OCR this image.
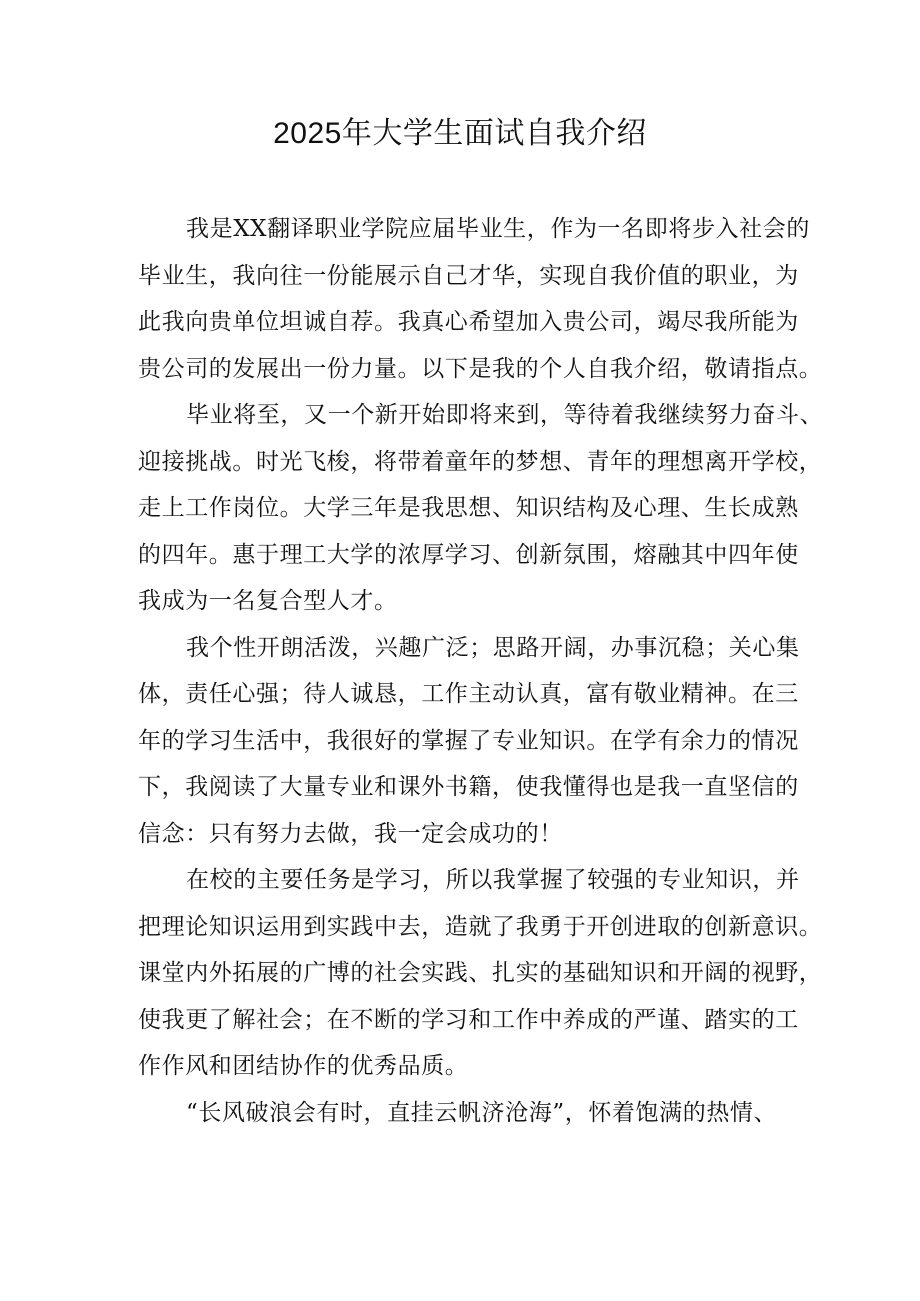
2025年大学生面试自我介绍
我是XX翻译职业学院应届毕业生，作为一名即将步入社会的
毕业生，我向往一份能展示自己才华，实现自我价值的职业，为
此我向贵单位坦诚自荐。我真心希望加入贵公司，竭尽我所能为
贵公司的发展出一份力量。以下是我的个人自我介绍，敬请指点。
毕业将至，又一个新开始即将来到，等待着我继续努力奋斗、
迎接挑战。时光飞梭，将带着童年的梦想、青年的理想离开学校，
走上工作岗位。大学三年是我思想、知识结构及心理、生长成熟
的四年。惠于理工大学的浓厚学习、创新氛围，熔融其中四年使
我成为一名复合型人才。
我个性开朗活泼，兴趣广泛；思路开阔，办事沉稳；关心集
体，责任心强；待人诚恳，工作主动认真，富有敬业精神。在三
年的学习生活中，我很好的掌握了专业知识。在学有余力的情况
下，我阅读了大量专业和课外书籍，使我懂得也是我一直坚信的
信念：只有努力去做，我一定会成功的！
在校的主要任务是学习，所以我掌握了较强的专业知识，并
把理论知识运用到实践中去，造就了我勇于开创进取的创新意识。
课堂内外拓展的广博的社会实践、扎实的基础知识和开阔的视野，
使我更了解社会；在不断的学习和工作中养成的严谨、踏实的工
作作风和团结协作的优秀品质。
“长风破浪会有时，直挂云帆济沧海”，怀着饱满的热情、
